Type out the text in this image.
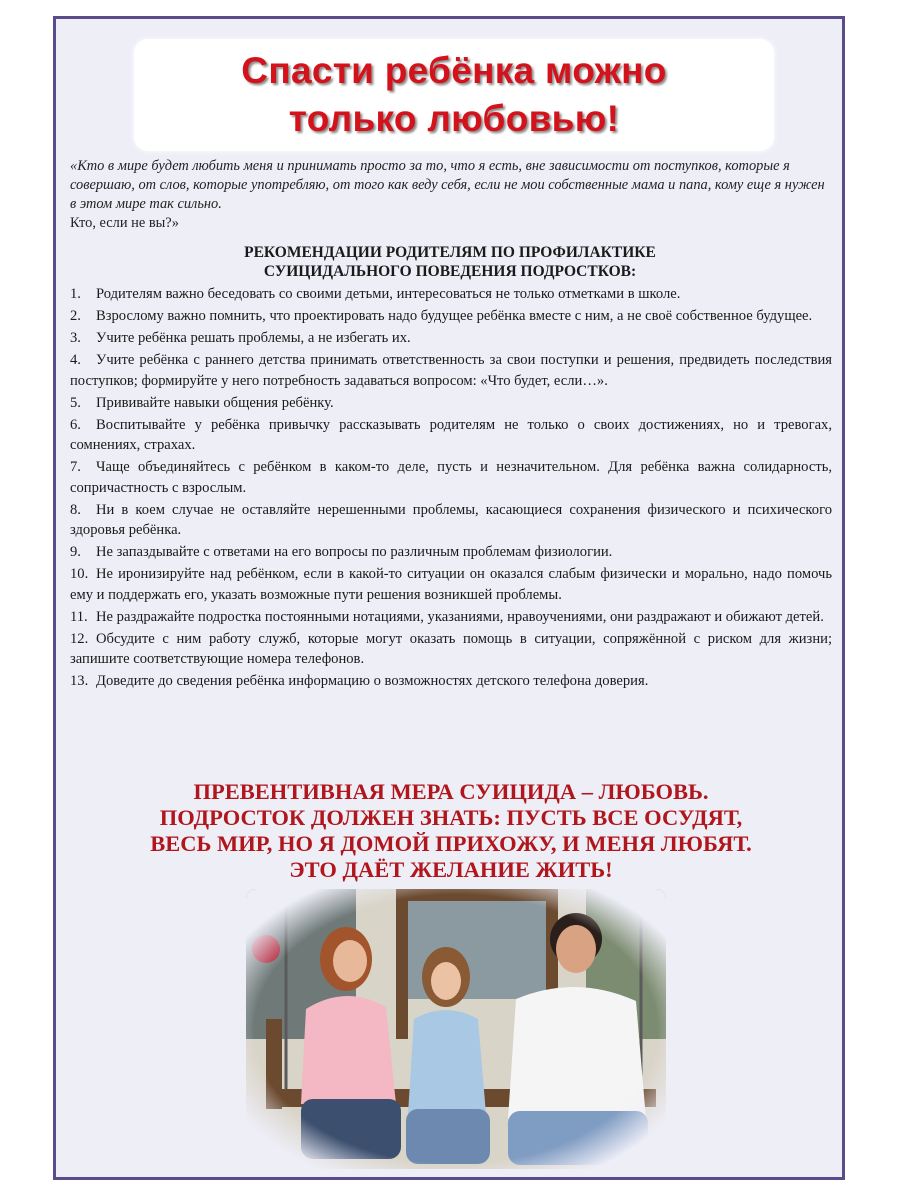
Спасти ребёнка можно
только любовью!
«Кто в мире будет любить меня и принимать просто за то, что я есть, вне зависимости от поступков, которые я совершаю, от слов, которые употребляю, от того как веду себя, если не мои собственные мама и папа, кому еще я нужен в этом мире так сильно.
Кто, если не вы?»
РЕКОМЕНДАЦИИ РОДИТЕЛЯМ ПО ПРОФИЛАКТИКЕ
СУИЦИДАЛЬНОГО ПОВЕДЕНИЯ ПОДРОСТКОВ:
1. Родителям важно беседовать со своими детьми, интересоваться не только отметками в школе.
2. Взрослому важно помнить, что проектировать надо будущее ребёнка вместе с ним, а не своё собственное будущее.
3. Учите ребёнка решать проблемы, а не избегать их.
4. Учите ребёнка с раннего детства принимать ответственность за свои поступки и решения, предвидеть последствия поступков; формируйте у него потребность задаваться вопросом: «Что будет, если…».
5. Прививайте навыки общения ребёнку.
6. Воспитывайте у ребёнка привычку рассказывать родителям не только о своих достижениях, но и тревогах, сомнениях, страхах.
7. Чаще объединяйтесь с ребёнком в каком-то деле, пусть и незначительном. Для ребёнка важна солидарность, сопричастность с взрослым.
8. Ни в коем случае не оставляйте нерешенными проблемы, касающиеся сохранения физического и психического здоровья ребёнка.
9. Не запаздывайте с ответами на его вопросы по различным проблемам физиологии.
10. Не иронизируйте над ребёнком, если в какой-то ситуации он оказался слабым физически и морально, надо помочь ему и поддержать его, указать возможные пути решения возникшей проблемы.
11. Не раздражайте подростка постоянными нотациями, указаниями, нравоучениями, они раздражают и обижают детей.
12. Обсудите с ним работу служб, которые могут оказать помощь в ситуации, сопряжённой с риском для жизни; запишите соответствующие номера телефонов.
13. Доведите до сведения ребёнка информацию о возможностях детского телефона доверия.
ПРЕВЕНТИВНАЯ МЕРА СУИЦИДА – ЛЮБОВЬ.
ПОДРОСТОК ДОЛЖЕН ЗНАТЬ: ПУСТЬ ВСЕ ОСУДЯТ,
ВЕСЬ МИР, НО Я ДОМОЙ ПРИХОЖУ, И МЕНЯ ЛЮБЯТ.
ЭТО ДАЁТ ЖЕЛАНИЕ ЖИТЬ!
